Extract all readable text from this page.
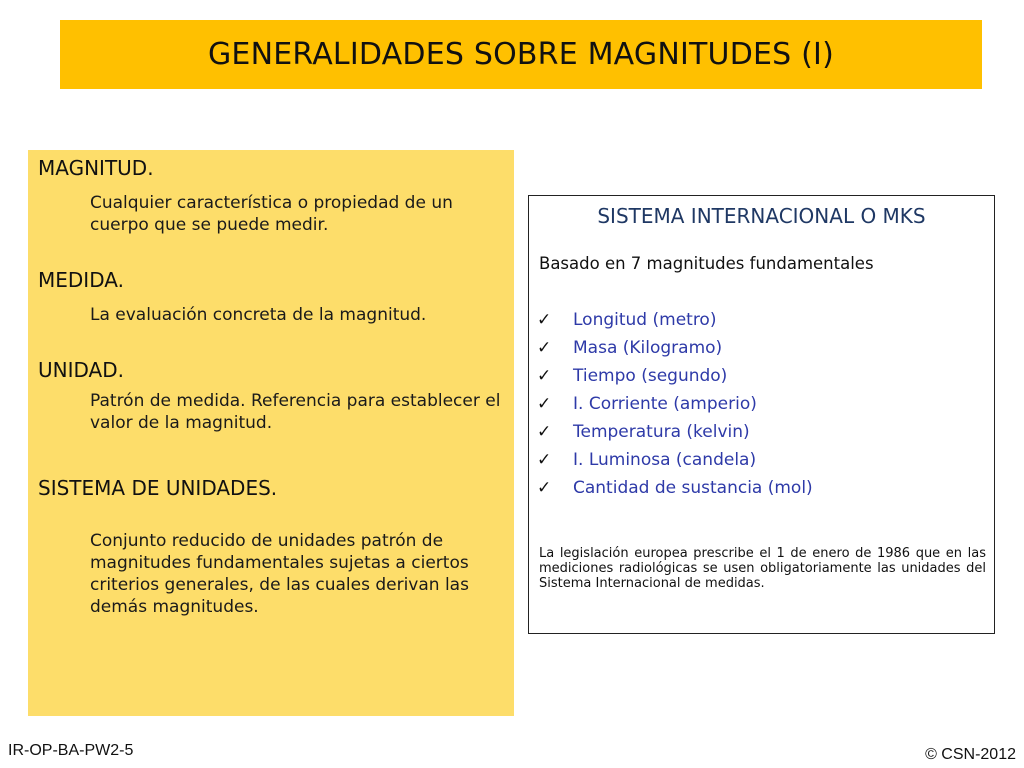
GENERALIDADES SOBRE MAGNITUDES (I)

MAGNITUD.

Cualquier característica o propiedad de un cuerpo que se puede medir.

MEDIDA.

La evaluación concreta de la magnitud.

UNIDAD.

Patrón de medida. Referencia para establecer el valor de la magnitud.

SISTEMA DE UNIDADES.

Conjunto reducido de unidades patrón de magnitudes fundamentales sujetas a ciertos criterios generales, de las cuales derivan las demás magnitudes.

SISTEMA INTERNACIONAL O MKS

Basado en 7 magnitudes fundamentales

✓	Longitud (metro)
✓	Masa (Kilogramo)
✓	Tiempo (segundo)
✓	I. Corriente (amperio)
✓	Temperatura (kelvin)
✓	I. Luminosa (candela)
✓	Cantidad de sustancia (mol)

La legislación europea prescribe el 1 de enero de 1986 que en las mediciones radiológicas se usen obligatoriamente las unidades del Sistema Internacional de medidas.

IR-OP-BA-PW2-5	© CSN-2012
